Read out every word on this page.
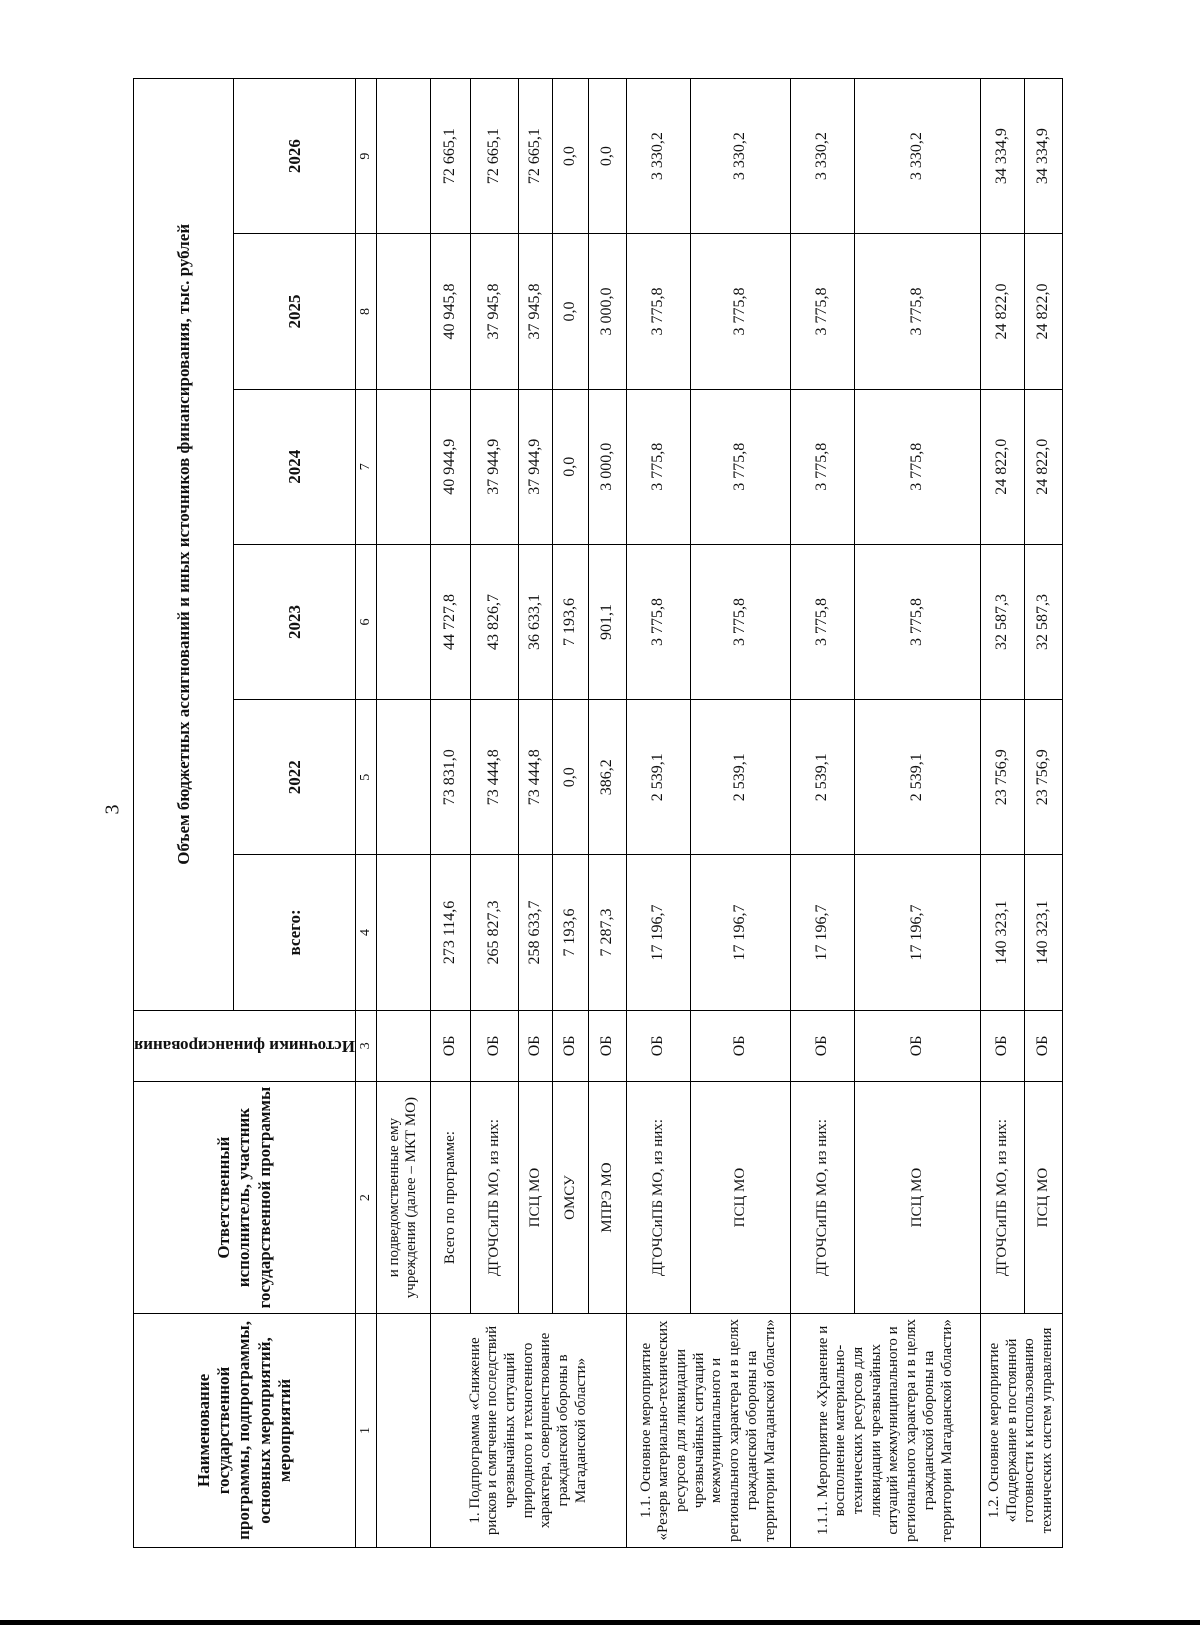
3
Наименование государственной программы, подпрограммы, основных мероприятий, мероприятий	Ответственный исполнитель, участник государственной программы	Источники финансирования	Объем бюджетных ассигнований и иных источников финансирования, тыс. рублей					
			всего:	2022	2023	2024	2025	2026
1	2	3	4	5	6	7	8	9
	и подведомственные ему учреждения (далее – МКТ МО)							
1. Подпрограмма «Снижение рисков и смягчение последствий чрезвычайных ситуаций природного и техногенного характера, совершенствование гражданской обороны в Магаданской области»	Всего по программе:	ОБ	273 114,6	73 831,0	44 727,8	40 944,9	40 945,8	72 665,1
	ДГОЧСиПБ МО, из них:	ОБ	265 827,3	73 444,8	43 826,7	37 944,9	37 945,8	72 665,1
	ПСЦ МО	ОБ	258 633,7	73 444,8	36 633,1	37 944,9	37 945,8	72 665,1
	ОМСУ	ОБ	7 193,6	0,0	7 193,6	0,0	0,0	0,0
	МПРЭ МО	ОБ	7 287,3	386,2	901,1	3 000,0	3 000,0	0,0
1.1. Основное мероприятие «Резерв материально-технических ресурсов для ликвидации чрезвычайных ситуаций межмуниципального и регионального характера и в целях гражданской обороны на территории Магаданской области»	ДГОЧСиПБ МО, из них:	ОБ	17 196,7	2 539,1	3 775,8	3 775,8	3 775,8	3 330,2
	ПСЦ МО	ОБ	17 196,7	2 539,1	3 775,8	3 775,8	3 775,8	3 330,2
1.1.1. Мероприятие «Хранение и восполнение материально-технических ресурсов для ликвидации чрезвычайных ситуаций межмуниципального и регионального характера и в целях гражданской обороны на территории Магаданской области»	ДГОЧСиПБ МО, из них:	ОБ	17 196,7	2 539,1	3 775,8	3 775,8	3 775,8	3 330,2
	ПСЦ МО	ОБ	17 196,7	2 539,1	3 775,8	3 775,8	3 775,8	3 330,2
1.2. Основное мероприятие «Поддержание в постоянной готовности к использованию технических систем управления	ДГОЧСиПБ МО, из них:	ОБ	140 323,1	23 756,9	32 587,3	24 822,0	24 822,0	34 334,9
	ПСЦ МО	ОБ	140 323,1	23 756,9	32 587,3	24 822,0	24 822,0	34 334,9
